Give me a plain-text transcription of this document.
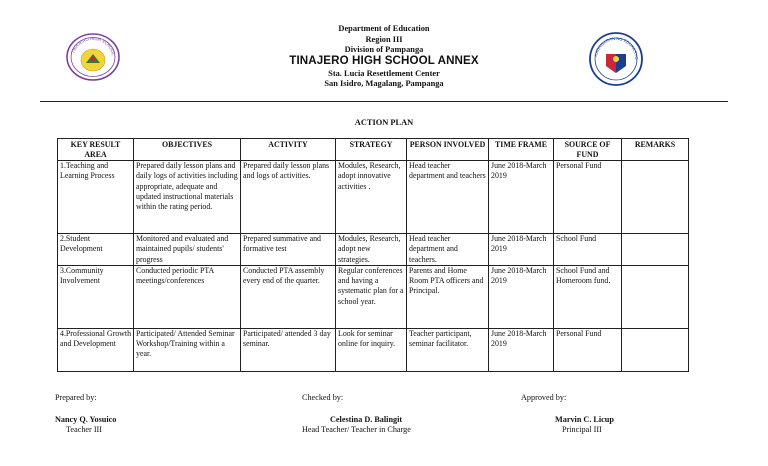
TINAJERO HIGH SCHOOL	KAGAWARAN NG EDUKASYO
Department of Education
Region III
Division of Pampanga
TINAJERO HIGH SCHOOL ANNEX
Sta. Lucia Resettlement Center
San Isidro, Magalang, Pampanga
ACTION PLAN
KEY RESULT AREA	OBJECTIVES	ACTIVITY	STRATEGY	PERSON INVOLVED	TIME FRAME	SOURCE OF FUND	REMARKS
1.Teaching and Learning Process	Prepared daily lesson plans and daily logs of activities including appropriate, adequate and updated instructional materials within the rating period.	Prepared daily lesson plans and logs of activities.	Modules, Research, adopt innovative activities .	Head teacher department and teachers	June 2018-March 2019	Personal Fund	
2.Student Development	Monitored and evaluated and maintained pupils/ students' progress	Prepared summative and formative test	Modules, Research, adopt new strategies.	Head teacher department and teachers.	June 2018-March 2019	School Fund	
3.Community Involvement	Conducted periodic PTA meetings/conferences	Conducted PTA assembly every end of the quarter.	Regular conferences and having a systematic plan for a school year.	Parents and Home Room PTA officers and Principal.	June 2018-March 2019	School Fund and Homeroom fund.	
4.Professional Growth and Development	Participated/ Attended Seminar Workshop/Training within a year.	Participated/ attended 3 day seminar.	Look for seminar online for inquiry.	Teacher participant, seminar facilitator.	June 2018-March 2019	Personal Fund	
Prepared by:	Checked by:	Approved by:
Nancy Q. Yosuico
Teacher III
Celestina D. Balingit
Head Teacher/ Teacher in Charge
Marvin C. Licup
Principal III
